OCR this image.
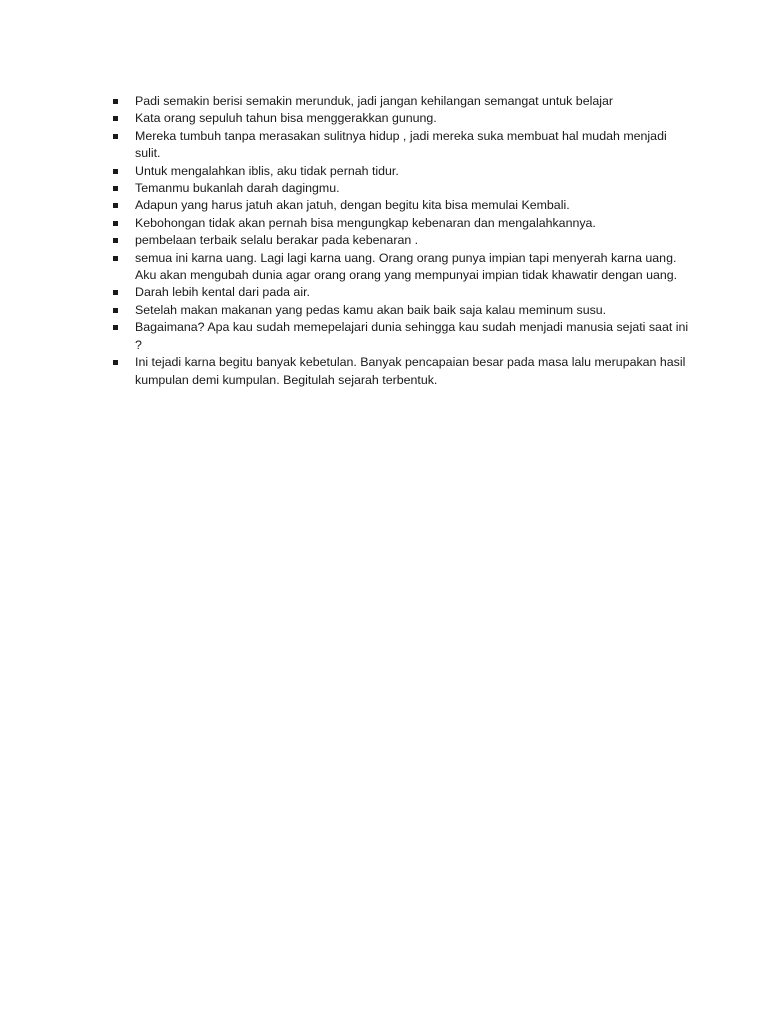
Padi semakin berisi semakin merunduk, jadi jangan kehilangan semangat untuk belajar
Kata orang sepuluh tahun bisa menggerakkan gunung.
Mereka tumbuh tanpa merasakan sulitnya hidup , jadi mereka suka membuat hal mudah menjadi sulit.
Untuk mengalahkan iblis, aku tidak pernah tidur.
Temanmu bukanlah darah dagingmu.
Adapun yang harus jatuh akan jatuh, dengan begitu kita bisa memulai Kembali.
Kebohongan tidak akan pernah bisa mengungkap kebenaran dan mengalahkannya.
pembelaan terbaik selalu berakar pada kebenaran .
semua ini karna uang. Lagi lagi karna uang. Orang orang punya impian tapi menyerah karna uang. Aku akan mengubah dunia agar orang orang yang mempunyai impian tidak khawatir dengan uang.
Darah lebih kental dari pada air.
Setelah makan makanan yang pedas kamu akan baik baik saja kalau meminum susu.
Bagaimana? Apa kau sudah memepelajari dunia sehingga kau sudah menjadi manusia sejati saat ini ?
Ini tejadi karna begitu banyak kebetulan. Banyak pencapaian besar pada masa lalu merupakan hasil kumpulan demi kumpulan. Begitulah sejarah terbentuk.
